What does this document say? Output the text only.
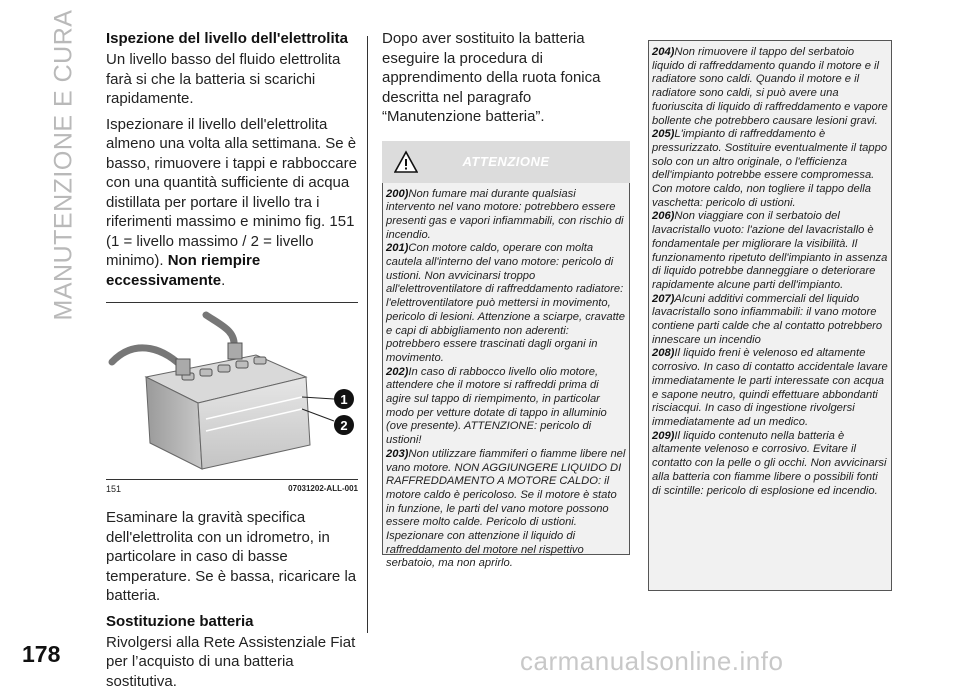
MANUTENZIONE E CURA Ispezione del livello dell'elettrolita

Un livello basso del fluido elettrolita farà si che la batteria si scarichi rapidamente.

Ispezionare il livello dell'elettrolita almeno una volta alla settimana. Se è basso, rimuovere i tappi e rabboccare con una quantità sufficiente di acqua distillata per portare il livello tra i riferimenti massimo e minimo fig. 151 (1 = livello massimo / 2 = livello minimo). Non riempire eccessivamente.

1
2
151	07031202-ALL-001

Esaminare la gravità specifica dell'elettrolita con un idrometro, in particolare in caso di basse temperature. Se è bassa, ricaricare la batteria.

Sostituzione batteria

Rivolgersi alla Rete Assistenziale Fiat per l’acquisto di una batteria sostitutiva.

Dopo aver sostituito la batteria eseguire la procedura di apprendimento della ruota fonica descritta nel paragrafo “Manutenzione batteria”.

ATTENZIONE

200)Non fumare mai durante qualsiasi intervento nel vano motore: potrebbero essere presenti gas e vapori infiammabili, con rischio di incendio.

201)Con motore caldo, operare con molta cautela all'interno del vano motore: pericolo di ustioni. Non avvicinarsi troppo all'elettroventilatore di raffreddamento radiatore: l'elettroventilatore può mettersi in movimento, pericolo di lesioni. Attenzione a sciarpe, cravatte e capi di abbigliamento non aderenti: potrebbero essere trascinati dagli organi in movimento.

202)In caso di rabbocco livello olio motore, attendere che il motore si raffreddi prima di agire sul tappo di riempimento, in particolar modo per vetture dotate di tappo in alluminio (ove presente). ATTENZIONE: pericolo di ustioni!

203)Non utilizzare fiammiferi o fiamme libere nel vano motore. NON AGGIUNGERE LIQUIDO DI RAFFREDDAMENTO A MOTORE CALDO: il motore caldo è pericoloso. Se il motore è stato in funzione, le parti del vano motore possono essere molto calde. Pericolo di ustioni. Ispezionare con attenzione il liquido di raffreddamento del motore nel rispettivo serbatoio, ma non aprirlo.

204)Non rimuovere il tappo del serbatoio liquido di raffreddamento quando il motore e il radiatore sono caldi. Quando il motore e il radiatore sono caldi, si può avere una fuoriuscita di liquido di raffreddamento e vapore bollente che potrebbero causare lesioni gravi.

205)L'impianto di raffreddamento è pressurizzato. Sostituire eventualmente il tappo solo con un altro originale, o l'efficienza dell'impianto potrebbe essere compromessa. Con motore caldo, non togliere il tappo della vaschetta: pericolo di ustioni.

206)Non viaggiare con il serbatoio del lavacristallo vuoto: l'azione del lavacristallo è fondamentale per migliorare la visibilità. Il funzionamento ripetuto dell'impianto in assenza di liquido potrebbe danneggiare o deteriorare rapidamente alcune parti dell'impianto.

207)Alcuni additivi commerciali del liquido lavacristallo sono infiammabili: il vano motore contiene parti calde che al contatto potrebbero innescare un incendio

208)Il liquido freni è velenoso ed altamente corrosivo. In caso di contatto accidentale lavare immediatamente le parti interessate con acqua e sapone neutro, quindi effettuare abbondanti risciacqui. In caso di ingestione rivolgersi immediatamente ad un medico.

209)Il liquido contenuto nella batteria è altamente velenoso e corrosivo. Evitare il contatto con la pelle o gli occhi. Non avvicinarsi alla batteria con fiamme libere o possibili fonti di scintille: pericolo di esplosione ed incendio.

178	carmanualsonline.info
